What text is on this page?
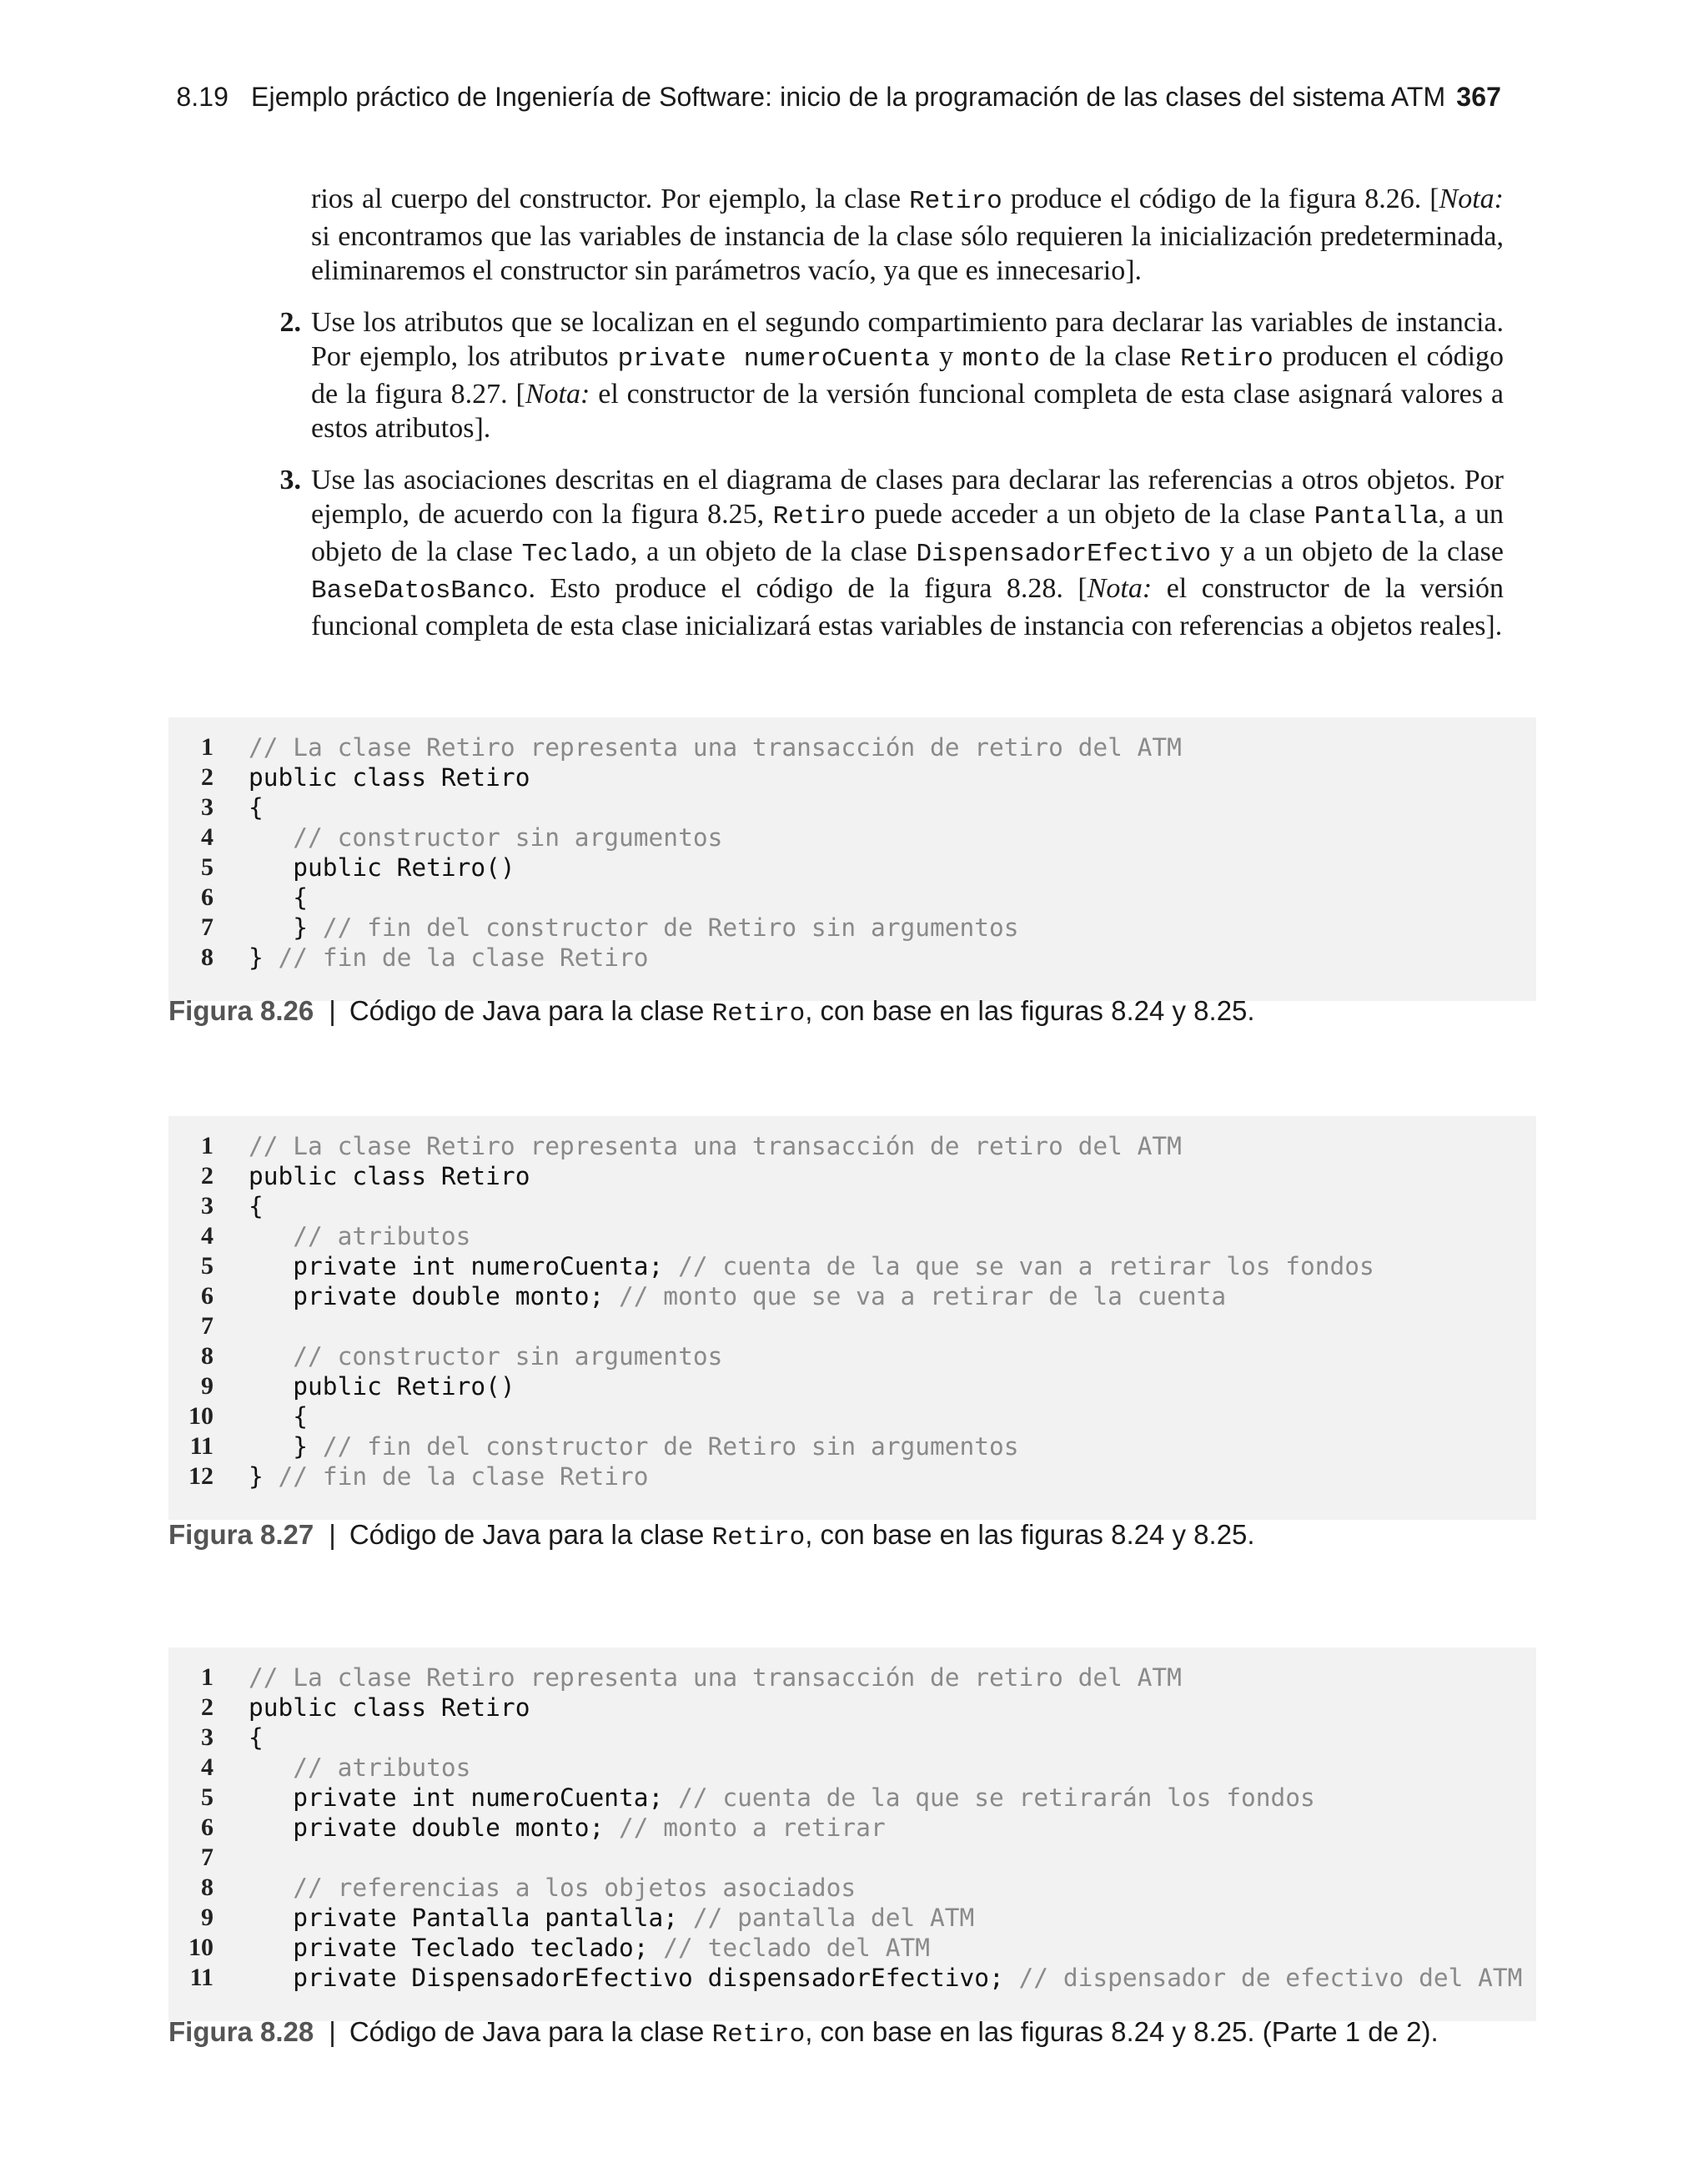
8.19 Ejemplo práctico de Ingeniería de Software: inicio de la programación de las clases del sistema ATM 367

rios al cuerpo del constructor. Por ejemplo, la clase Retiro produce el código de la figura 8.26. [Nota: si encontramos que las variables de instancia de la clase sólo requieren la inicialización predeterminada, eliminaremos el constructor sin parámetros vacío, ya que es innecesario].

2. Use los atributos que se localizan en el segundo compartimiento para declarar las variables de instancia. Por ejemplo, los atributos private numeroCuenta y monto de la clase Retiro producen el código de la figura 8.27. [Nota: el constructor de la versión funcional completa de esta clase asignará valores a estos atributos].

3. Use las asociaciones descritas en el diagrama de clases para declarar las referencias a otros objetos. Por ejemplo, de acuerdo con la figura 8.25, Retiro puede acceder a un objeto de la clase Pantalla, a un objeto de la clase Teclado, a un objeto de la clase DispensadorEfectivo y a un objeto de la clase BaseDatosBanco. Esto produce el código de la figura 8.28. [Nota: el constructor de la versión funcional completa de esta clase inicializará estas variables de instancia con referencias a objetos reales].

1 // La clase Retiro representa una transacción de retiro del ATM
2 public class Retiro
3 {
4	// constructor sin argumentos
5 public Retiro()
6 {
7 } // fin del constructor de Retiro sin argumentos
8 } // fin de la clase Retiro
Figura 8.26 | Código de Java para la clase Retiro, con base en las figuras 8.24 y 8.25.
1 // La clase Retiro representa una transacción de retiro del ATM
2 public class Retiro
3 {
4	// atributos
5 private int numeroCuenta; // cuenta de la que se van a retirar los fondos
6 private double monto; // monto que se va a retirar de la cuenta
7
8	// constructor sin argumentos
9 public Retiro()
10 {
11 } // fin del constructor de Retiro sin argumentos
12 } // fin de la clase Retiro
Figura 8.27 | Código de Java para la clase Retiro, con base en las figuras 8.24 y 8.25.
1 // La clase Retiro representa una transacción de retiro del ATM
2 public class Retiro
3 {
4	// atributos
5 private int numeroCuenta; // cuenta de la que se retirarán los fondos
6 private double monto; // monto a retirar
7
8	// referencias a los objetos asociados
9 private Pantalla pantalla; // pantalla del ATM
10 private Teclado teclado; // teclado del ATM
11 private DispensadorEfectivo dispensadorEfectivo; // dispensador de efectivo del ATM
Figura 8.28 | Código de Java para la clase Retiro, con base en las figuras 8.24 y 8.25. (Parte 1 de 2).
